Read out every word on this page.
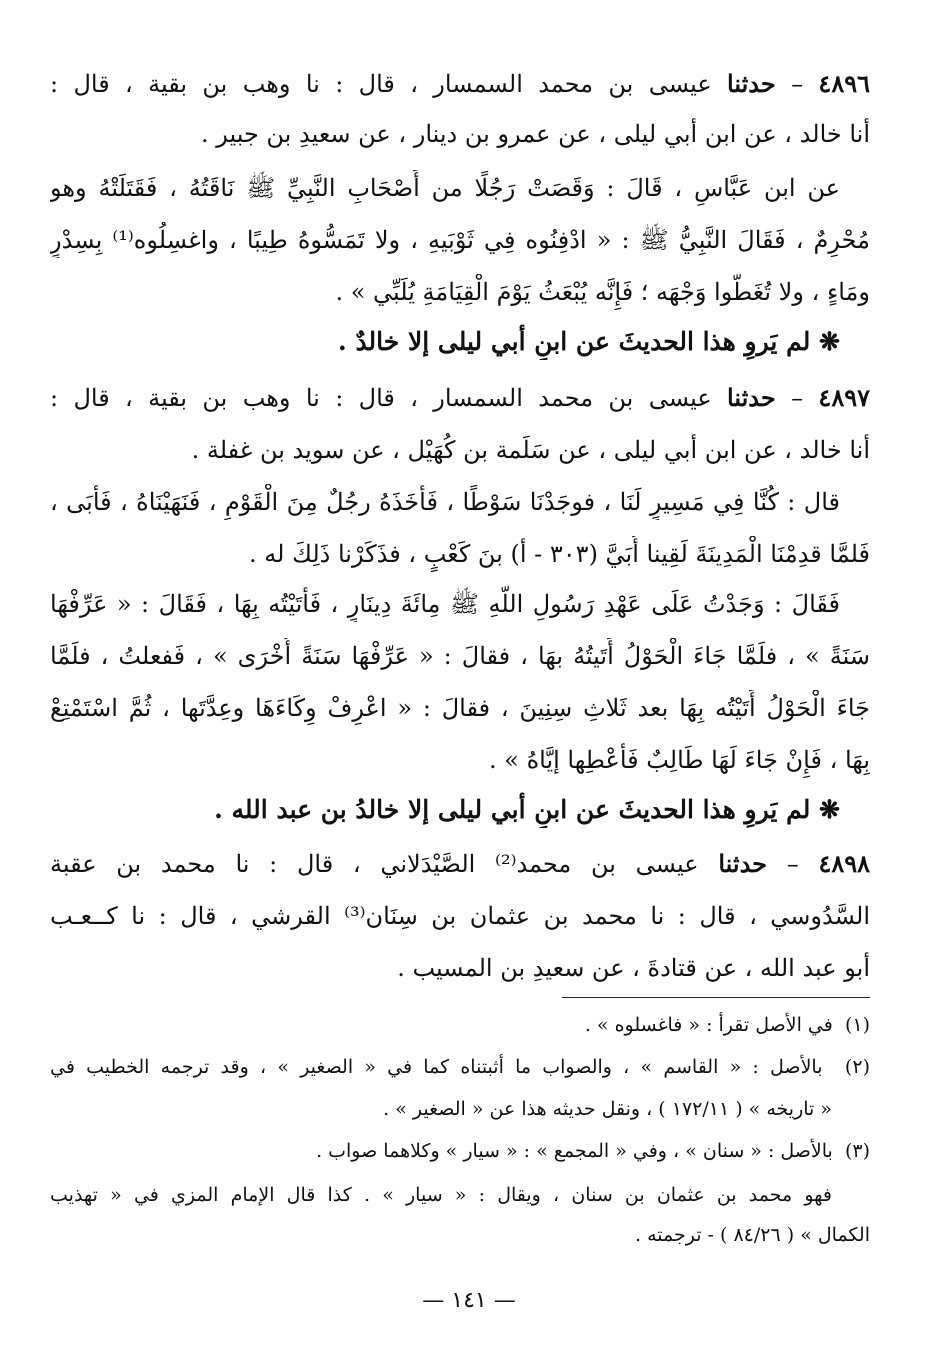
٤٨٩٦ – حدثنا عيسى بن محمد السمسار ، قال : نا وهب بن بقية ، قال :
أنا خالد ، عن ابن أبي ليلى ، عن عمرو بن دينار ، عن سعيدِ بن جبير .
عن ابن عَبَّاسٍ ، قَالَ : وَقَصَتْ رَجُلًا من أَصْحَابِ النَّبِيِّ ﷺ نَاقَتُهُ ، فَقَتَلَتْهُ وهو
مُحْرِمٌ ، فَقَالَ النَّبِيُّ ﷺ : « ادْفِنُوه فِي ثَوْبَيهِ ، ولا تَمَسُّوهُ طِيبًا ، واغسِلُوه⁽¹⁾ بِسِدْرٍ
ومَاءٍ ، ولا تُغَطُّوا وَجْهَه ؛ فَإِنَّه يُبْعَثُ يَوْمَ الْقِيَامَةِ يُلَبِّي » .
❋ لم يَروِ هذا الحديثَ عن ابنِ أبي ليلى إلا خالدٌ .
٤٨٩٧ – حدثنا عيسى بن محمد السمسار ، قال : نا وهب بن بقية ، قال :
أنا خالد ، عن ابن أبي ليلى ، عن سَلَمة بن كُهَيْل ، عن سويد بن غفلة .
قال : كُنَّا فِي مَسِيرٍ لَنَا ، فوجَدْنَا سَوْطًا ، فَأَخَذَهُ رجُلٌ مِنَ الْقَوْمِ ، فَنَهَيْنَاهُ ، فَأَبَى ،
فَلمَّا قدِمْنَا الْمَدِينَةَ لَقِينا أُبَيَّ (٣٠٣ - أ) بنَ كَعْبٍ ، فذَكَرْنا ذَلِكَ له .
فَقَالَ : وَجَدْتُ عَلَى عَهْدِ رَسُولِ اللَّهِ ﷺ مِائَةَ دِينَارٍ ، فَأَتَيْتُه بِهَا ، فَقَالَ : « عَرِّفْهَا
سَنَةً » ، فلَمَّا جَاءَ الْحَوْلُ أَتَيتُهُ بهَا ، فقالَ : « عَرِّفْهَا سَنَةً أُخْرَى » ، فَفعلتُ ، فلَمَّا
جَاءَ الْحَوْلُ أَتَيْتُه بِهَا بعد ثَلاثِ سِنِينَ ، فقالَ : « اعْرِفْ وِكَاءَهَا وعِدَّتَها ، ثُمَّ اسْتَمْتِعْ
بِهَا ، فَإِنْ جَاءَ لَهَا طَالِبٌ فَأَعْطِها إيَّاهُ » .
❋ لم يَروِ هذا الحديثَ عن ابنِ أبي ليلى إلا خالدُ بن عبد الله .
٤٨٩٨ – حدثنا عيسى بن محمد⁽²⁾ الصَّيْدَلاني ، قال : نا محمد بن عقبة
السَّدُوسي ، قال : نا محمد بن عثمان بن سِنَان⁽³⁾ القرشي ، قال : نا كــعـب
أبو عبد الله ، عن قتادةَ ، عن سعيدِ بن المسيب .
(١)  في الأصل تقرأ : « فاغسلوه » .
(٢)  بالأصل : « القاسم » ، والصواب ما أثبتناه كما في « الصغير » ، وقد ترجمه الخطيب في
« تاريخه » ( ١٧٢/١١ ) ، ونقل حديثه هذا عن « الصغير » .
(٣)  بالأصل : « سنان » ، وفي « المجمع » : « سيار » وكلاهما صواب .
فهو محمد بن عثمان بن سنان ، ويقال : « سيار » . كذا قال الإمام المزي في « تهذيب
الكمال » ( ٨٤/٢٦ ) - ترجمته .
— ١٤١ —
